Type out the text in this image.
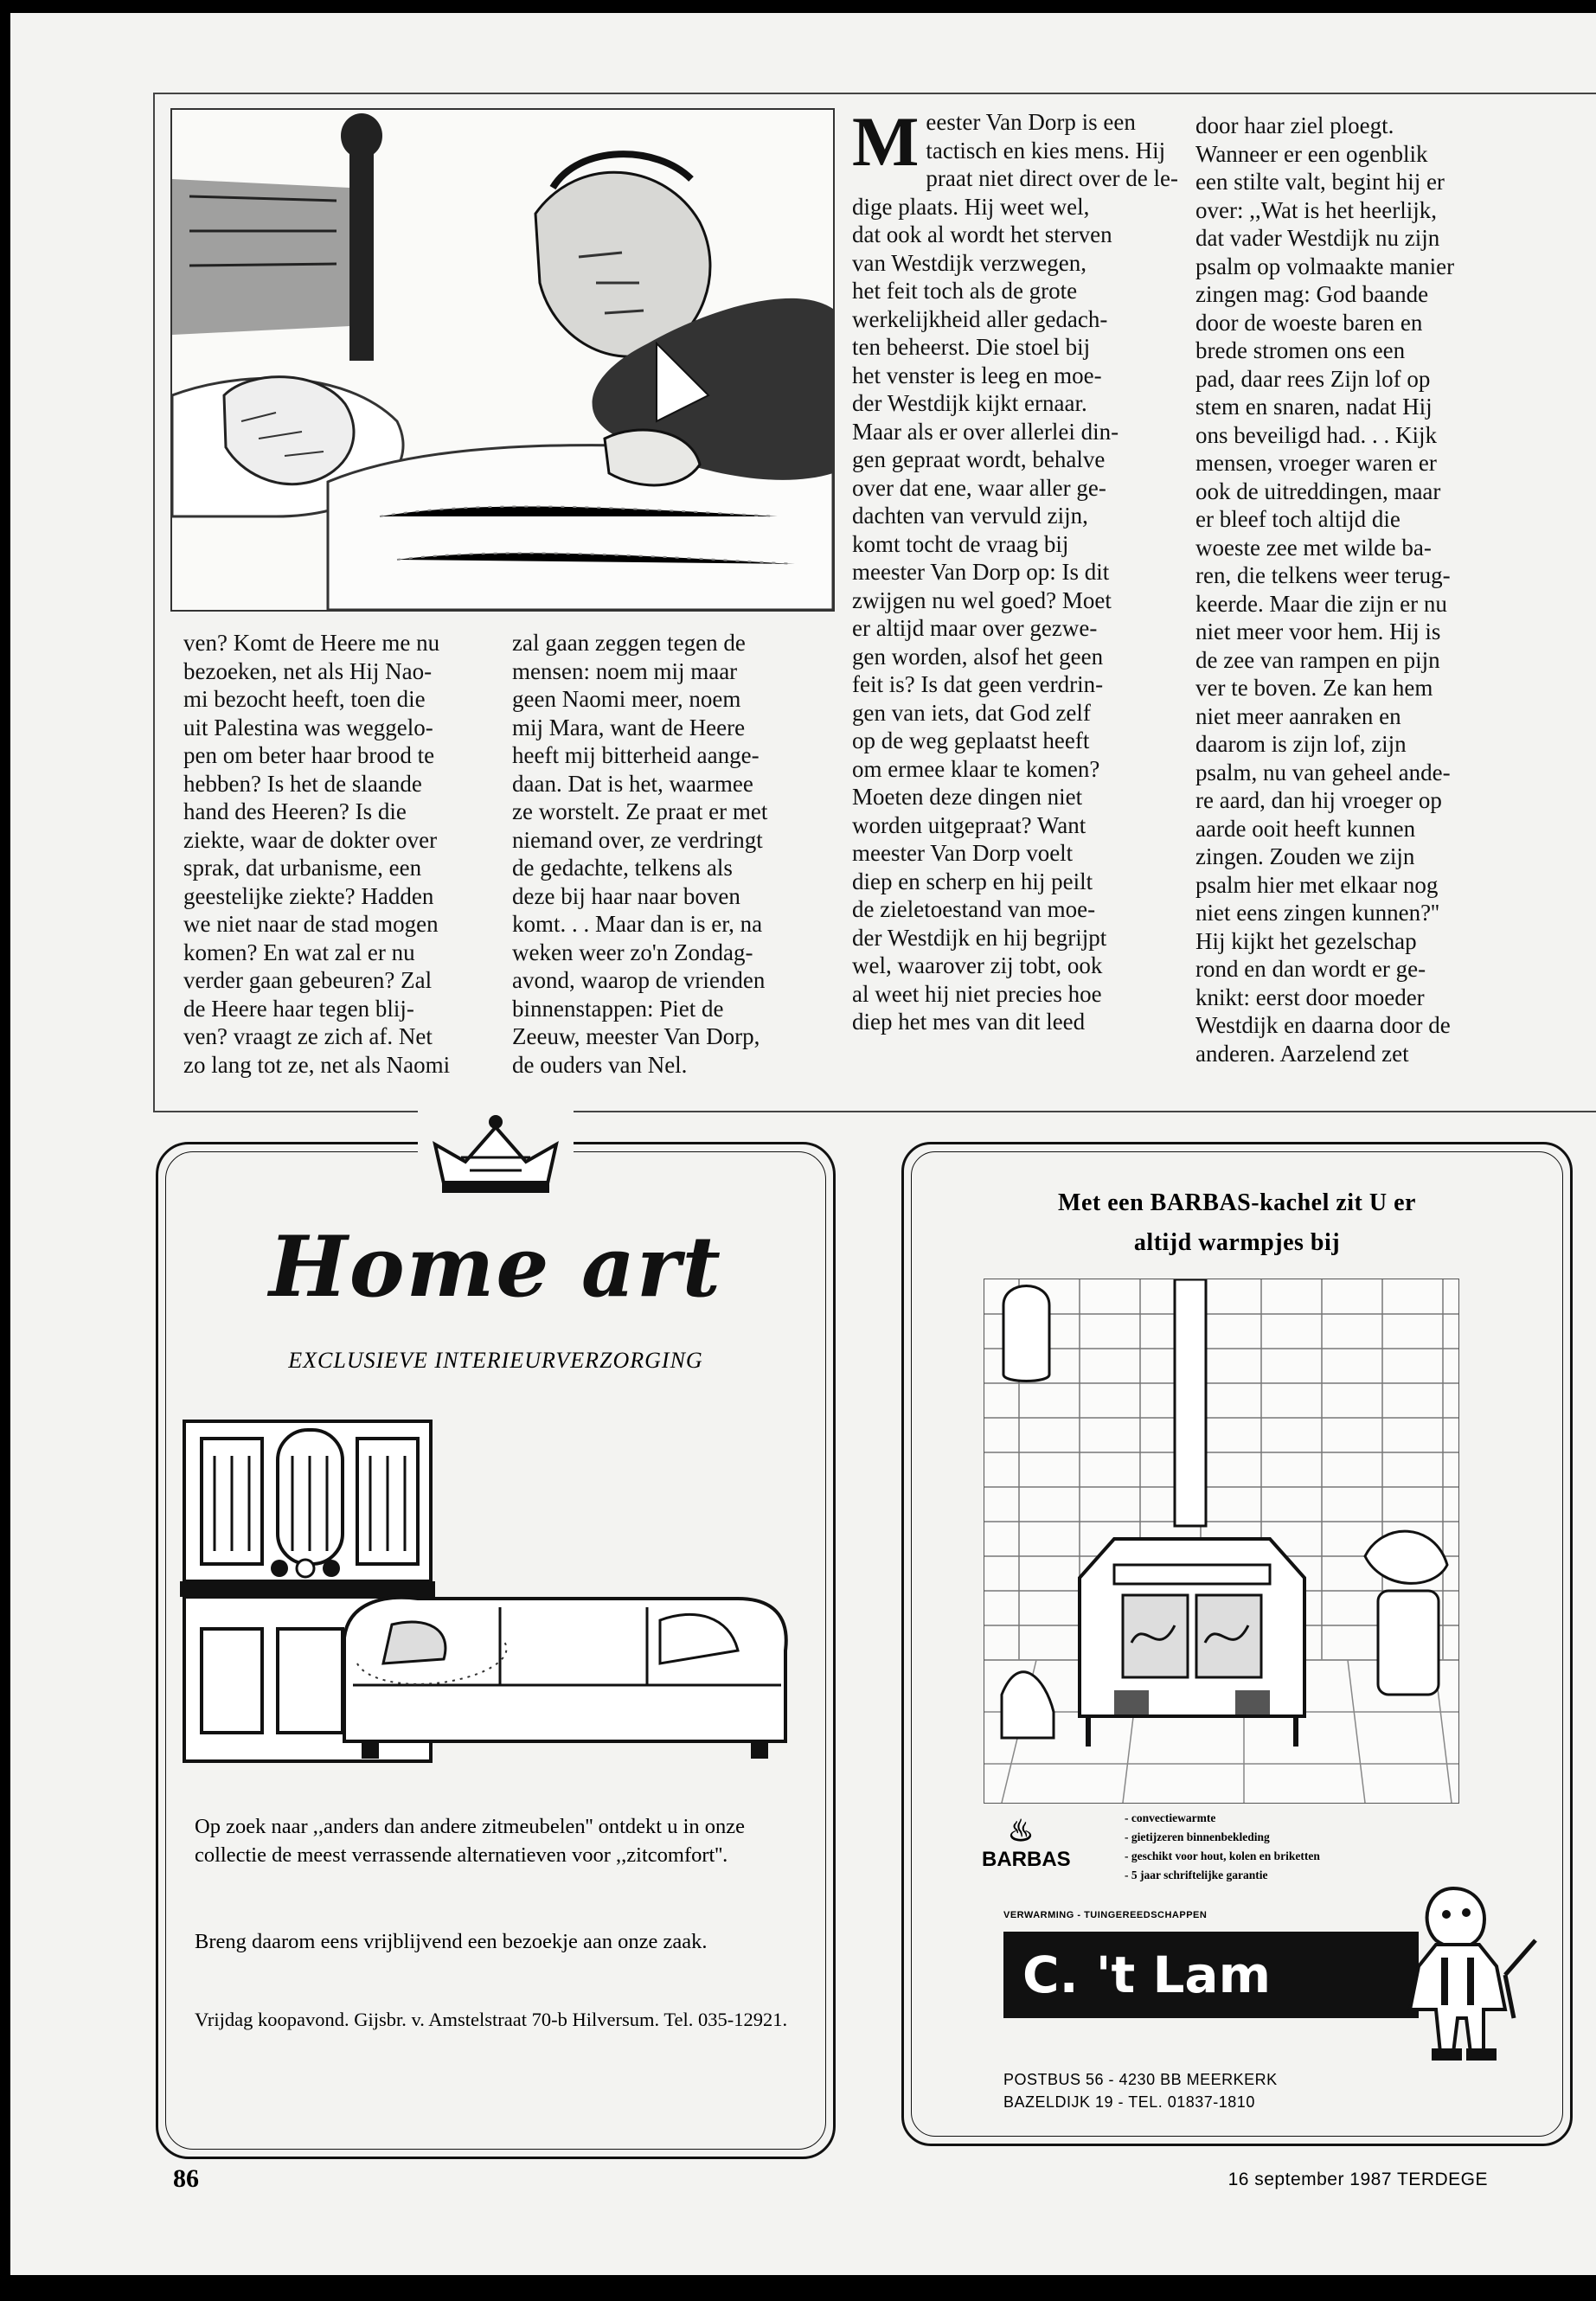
ven? Komt de Heere me nu

bezoeken, net als Hij Nao-

mi bezocht heeft, toen die

uit Palestina was weggelo-

pen om beter haar brood te

hebben? Is het de slaande

hand des Heeren? Is die

ziekte, waar de dokter over

sprak, dat urbanisme, een

geestelijke ziekte? Hadden

we niet naar de stad mogen

komen? En wat zal er nu

verder gaan gebeuren? Zal

de Heere haar tegen blij-

ven? vraagt ze zich af. Net

zo lang tot ze, net als Naomi

zal gaan zeggen tegen de

mensen: noem mij maar

geen Naomi meer, noem

mij Mara, want de Heere

heeft mij bitterheid aange-

daan. Dat is het, waarmee

ze worstelt. Ze praat er met

niemand over, ze verdringt

de gedachte, telkens als

deze bij haar naar boven

komt. . . Maar dan is er, na

weken weer zo'n Zondag-

avond, waarop de vrienden

binnenstappen: Piet de

Zeeuw, meester Van Dorp,

de ouders van Nel.

Meester Van Dorp is een

tactisch en kies mens. Hij

praat niet direct over de le-

dige plaats. Hij weet wel,

dat ook al wordt het sterven

van Westdijk verzwegen,

het feit toch als de grote

werkelijkheid aller gedach-

ten beheerst. Die stoel bij

het venster is leeg en moe-

der Westdijk kijkt ernaar.

Maar als er over allerlei din-

gen gepraat wordt, behalve

over dat ene, waar aller ge-

dachten van vervuld zijn,

komt tocht de vraag bij

meester Van Dorp op: Is dit

zwijgen nu wel goed? Moet

er altijd maar over gezwe-

gen worden, alsof het geen

feit is? Is dat geen verdrin-

gen van iets, dat God zelf

op de weg geplaatst heeft

om ermee klaar te komen?

Moeten deze dingen niet

worden uitgepraat? Want

meester Van Dorp voelt

diep en scherp en hij peilt

de zieletoestand van moe-

der Westdijk en hij begrijpt

wel, waarover zij tobt, ook

al weet hij niet precies hoe

diep het mes van dit leed

door haar ziel ploegt.

Wanneer er een ogenblik

een stilte valt, begint hij er

over: ,,Wat is het heerlijk,

dat vader Westdijk nu zijn

psalm op volmaakte manier

zingen mag: God baande

door de woeste baren en

brede stromen ons een

pad, daar rees Zijn lof op

stem en snaren, nadat Hij

ons beveiligd had. . . Kijk

mensen, vroeger waren er

ook de uitreddingen, maar

er bleef toch altijd die

woeste zee met wilde ba-

ren, die telkens weer terug-

keerde. Maar die zijn er nu

niet meer voor hem. Hij is

de zee van rampen en pijn

ver te boven. Ze kan hem

niet meer aanraken en

daarom is zijn lof, zijn

psalm, nu van geheel ande-

re aard, dan hij vroeger op

aarde ooit heeft kunnen

zingen. Zouden we zijn

psalm hier met elkaar nog

niet eens zingen kunnen?''

Hij kijkt het gezelschap

rond en dan wordt er ge-

knikt: eerst door moeder

Westdijk en daarna door de

anderen. Aarzelend zet

Home art
EXCLUSIEVE INTERIEURVERZORGING
Op zoek naar ,,anders dan andere zitmeubelen'' ontdekt u in onze collectie de meest verrassende alternatieven voor ,,zitcomfort''.
Breng daarom eens vrijblijvend een bezoekje aan onze zaak.
Vrijdag koopavond. Gijsbr. v. Amstelstraat 70-b Hilversum. Tel. 035-12921.
Met een BARBAS-kachel zit U er
altijd warmpjes bij
♨
BARBAS
- convectiewarmte
- gietijzeren binnenbekleding
- geschikt voor hout, kolen en briketten
- 5 jaar schriftelijke garantie
VERWARMING - TUINGEREEDSCHAPPEN
C. 't Lam
POSTBUS 56 - 4230 BB MEERKERK
BAZELDIJK 19 - TEL. 01837-1810
86	16 september 1987 TERDEGE
